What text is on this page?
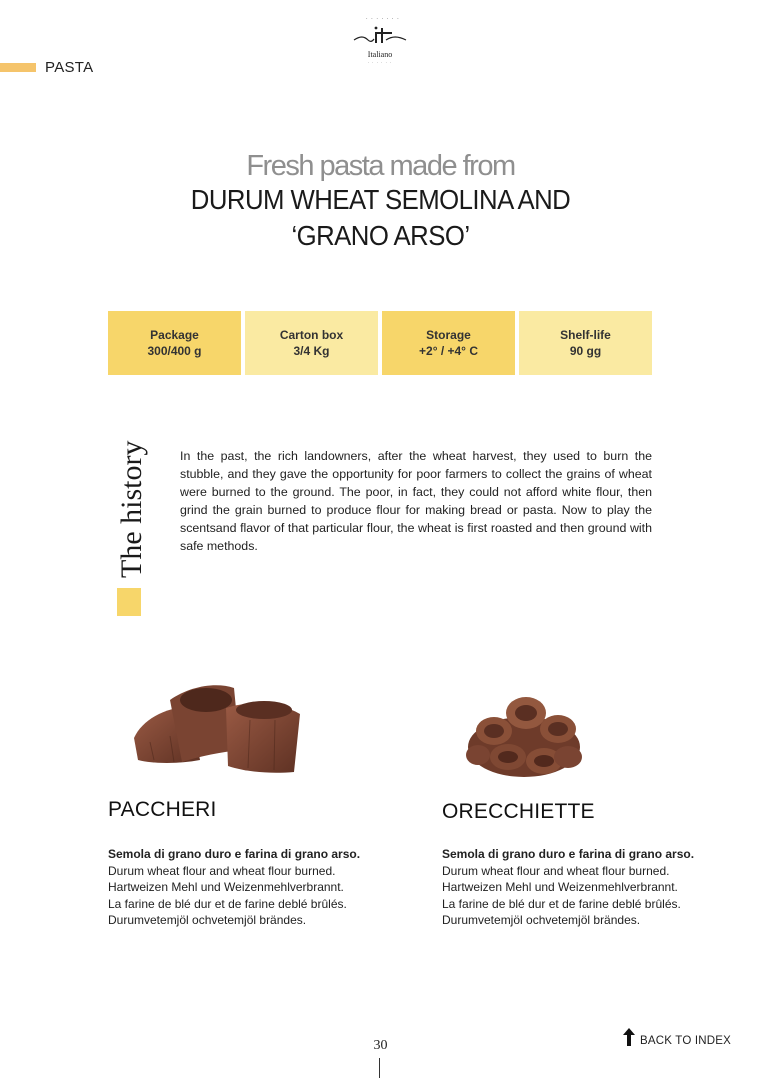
· · · · · · ·
Italiano
· · · · · ·
PASTA
Fresh pasta made from
DURUM WHEAT SEMOLINA AND
‘GRANO ARSO’
Package
300/400 g
Carton box
3/4 Kg
Storage
+2° / +4° C
Shelf-life
90 gg
The history	In the past, the rich landowners, after the wheat harvest, they used to burn the stubble, and they gave the opportunity for poor farmers to collect the grains of wheat were burned to the ground. The poor, in fact, they could not afford white flour, then grind the grain burned to produce flour for making bread or pasta. Now to play the scentsand flavor of that particular flour, the wheat is first roasted and then ground with safe methods.
PACCHERI
Semola di grano duro e farina di grano arso.
Durum wheat flour and wheat flour burned.
Hartweizen Mehl und Weizenmehlverbrannt.
La farine de blé dur et de farine deblé brûlés.
Durumvetemjöl ochvetemjöl brändes.
ORECCHIETTE
Semola di grano duro e farina di grano arso.
Durum wheat flour and wheat flour burned.
Hartweizen Mehl und Weizenmehlverbrannt.
La farine de blé dur et de farine deblé brûlés.
Durumvetemjöl ochvetemjöl brändes.
30	BACK TO INDEX
